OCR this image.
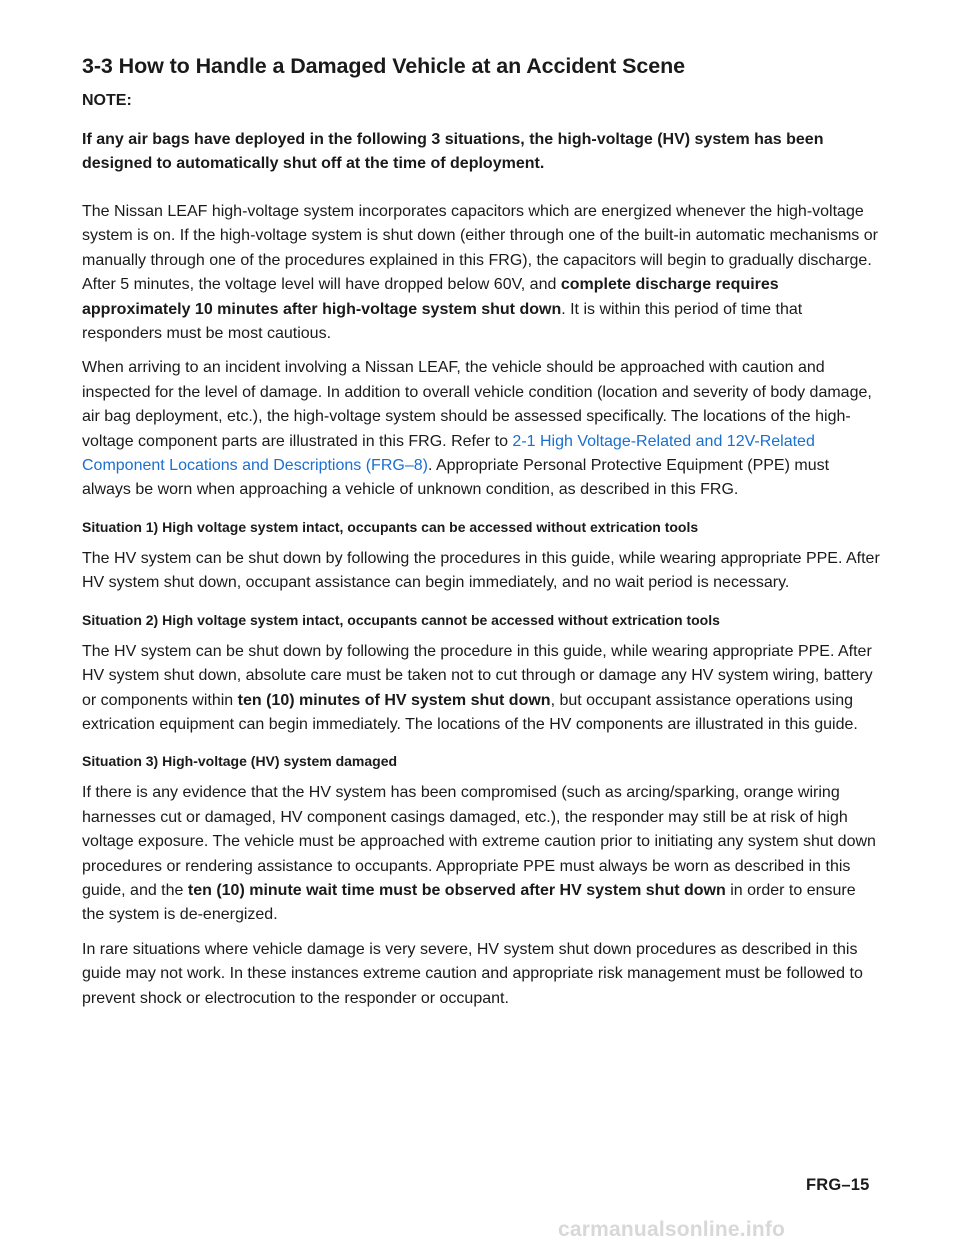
3-3 How to Handle a Damaged Vehicle at an Accident Scene
NOTE:
If any air bags have deployed in the following 3 situations, the high-voltage (HV) system has been designed to automatically shut off at the time of deployment.

The Nissan LEAF high-voltage system incorporates capacitors which are energized whenever the high-voltage system is on. If the high-voltage system is shut down (either through one of the built-in automatic mechanisms or manually through one of the procedures explained in this FRG), the capacitors will begin to gradually discharge. After 5 minutes, the voltage level will have dropped below 60V, and complete discharge requires approximately 10 minutes after high-voltage system shut down. It is within this period of time that responders must be most cautious.

When arriving to an incident involving a Nissan LEAF, the vehicle should be approached with caution and inspected for the level of damage. In addition to overall vehicle condition (location and severity of body damage, air bag deployment, etc.), the high-voltage system should be assessed specifically. The locations of the high-voltage component parts are illustrated in this FRG. Refer to 2-1 High Voltage-Related and 12V-Related Component Locations and Descriptions (FRG–8). Appropriate Personal Protective Equipment (PPE) must always be worn when approaching a vehicle of unknown condition, as described in this FRG.

Situation 1) High voltage system intact, occupants can be accessed without extrication tools

The HV system can be shut down by following the procedures in this guide, while wearing appropriate PPE. After HV system shut down, occupant assistance can begin immediately, and no wait period is necessary.

Situation 2) High voltage system intact, occupants cannot be accessed without extrication tools

The HV system can be shut down by following the procedure in this guide, while wearing appropriate PPE. After HV system shut down, absolute care must be taken not to cut through or damage any HV system wiring, battery or components within ten (10) minutes of HV system shut down, but occupant assistance operations using extrication equipment can begin immediately. The locations of the HV components are illustrated in this guide.

Situation 3) High-voltage (HV) system damaged

If there is any evidence that the HV system has been compromised (such as arcing/sparking, orange wiring harnesses cut or damaged, HV component casings damaged, etc.), the responder may still be at risk of high voltage exposure. The vehicle must be approached with extreme caution prior to initiating any system shut down procedures or rendering assistance to occupants. Appropriate PPE must always be worn as described in this guide, and the ten (10) minute wait time must be observed after HV system shut down in order to ensure the system is de-energized.

In rare situations where vehicle damage is very severe, HV system shut down procedures as described in this guide may not work. In these instances extreme caution and appropriate risk management must be followed to prevent shock or electrocution to the responder or occupant.

FRG–15
carmanualsonline.info
